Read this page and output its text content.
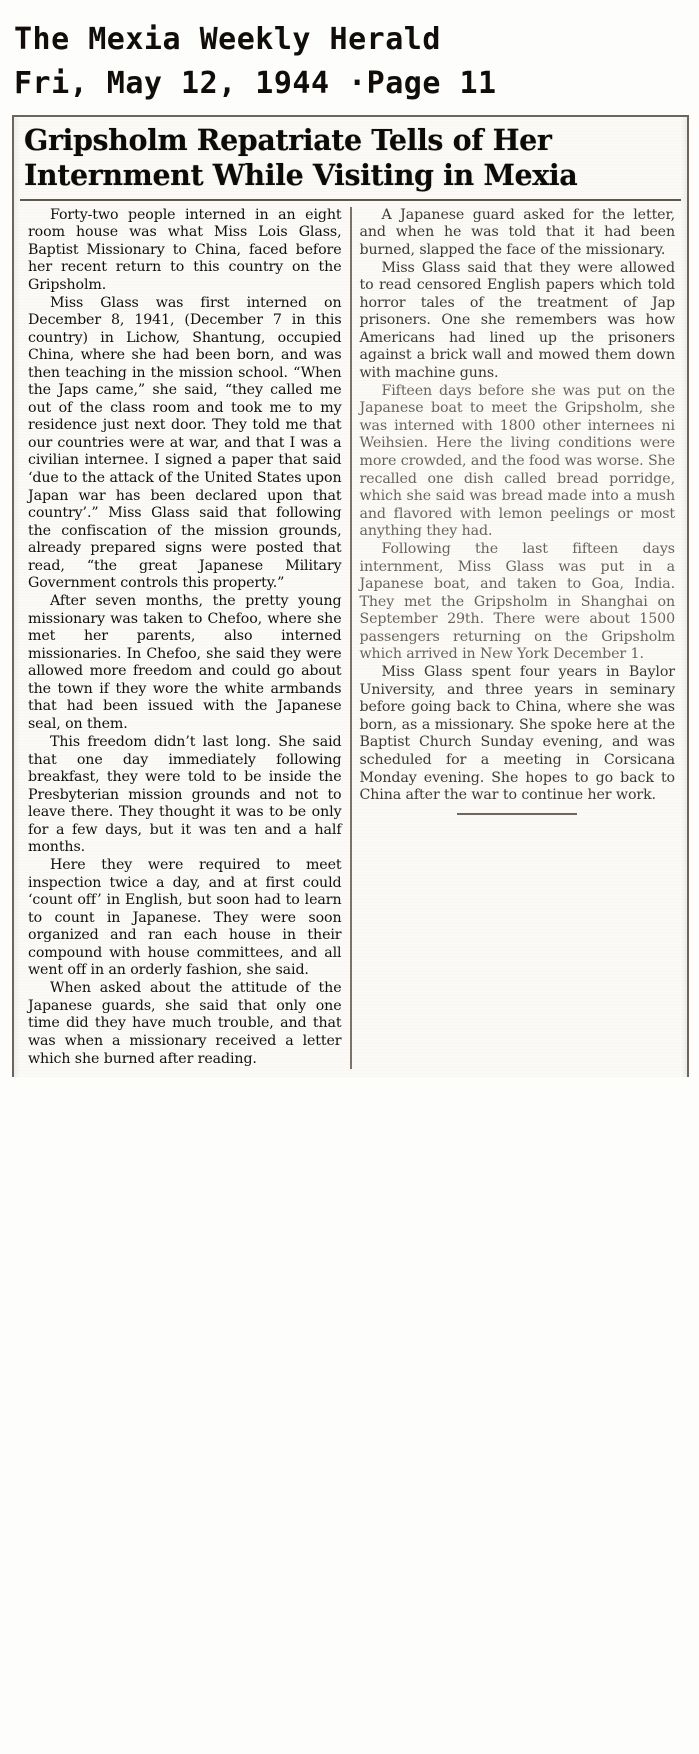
The Mexia Weekly Herald
Fri, May 12, 1944 ·Page 11
Gripsholm Repatriate Tells of Her
Internment While Visiting in Mexia

Forty-two people interned in an eight room house was what Miss Lois Glass, Baptist Missionary to China, faced before her recent return to this country on the Gripsholm.

Miss Glass was first interned on December 8, 1941, (December 7 in this country) in Lichow, Shantung, occupied China, where she had been born, and was then teaching in the mission school. “When the Japs came,” she said, “they called me out of the class room and took me to my residence just next door. They told me that our countries were at war, and that I was a civilian internee. I signed a paper that said ‘due to the attack of the United States upon Japan war has been declared upon that country’.” Miss Glass said that following the confiscation of the mission grounds, already prepared signs were posted that read, “the great Japanese Military Government controls this property.”

After seven months, the pretty young missionary was taken to Chefoo, where she met her parents, also interned missionaries. In Chefoo, she said they were allowed more freedom and could go about the town if they wore the white armbands that had been issued with the Japanese seal, on them.

This freedom didn’t last long. She said that one day immediately following breakfast, they were told to be inside the Presbyterian mission grounds and not to leave there. They thought it was to be only for a few days, but it was ten and a half months.

Here they were required to meet inspection twice a day, and at first could ‘count off’ in English, but soon had to learn to count in Japanese. They were soon organized and ran each house in their compound with house committees, and all went off in an orderly fashion, she said.

When asked about the attitude of the Japanese guards, she said that only one time did they have much trouble, and that was when a missionary received a letter which she burned after reading.

A Japanese guard asked for the letter, and when he was told that it had been burned, slapped the face of the missionary.

Miss Glass said that they were allowed to read censored English papers which told horror tales of the treatment of Jap prisoners. One she remembers was how Americans had lined up the prisoners against a brick wall and mowed them down with machine guns.

Fifteen days before she was put on the Japanese boat to meet the Gripsholm, she was interned with 1800 other internees ni Weihsien. Here the living conditions were more crowded, and the food was worse. She recalled one dish called bread porridge, which she said was bread made into a mush and flavored with lemon peelings or most anything they had.

Following the last fifteen days internment, Miss Glass was put in a Japanese boat, and taken to Goa, India. They met the Gripsholm in Shanghai on September 29th. There were about 1500 passengers returning on the Gripsholm which arrived in New York December 1.

Miss Glass spent four years in Baylor University, and three years in seminary before going back to China, where she was born, as a missionary. She spoke here at the Baptist Church Sunday evening, and was scheduled for a meeting in Corsicana Monday evening. She hopes to go back to China after the war to continue her work.
